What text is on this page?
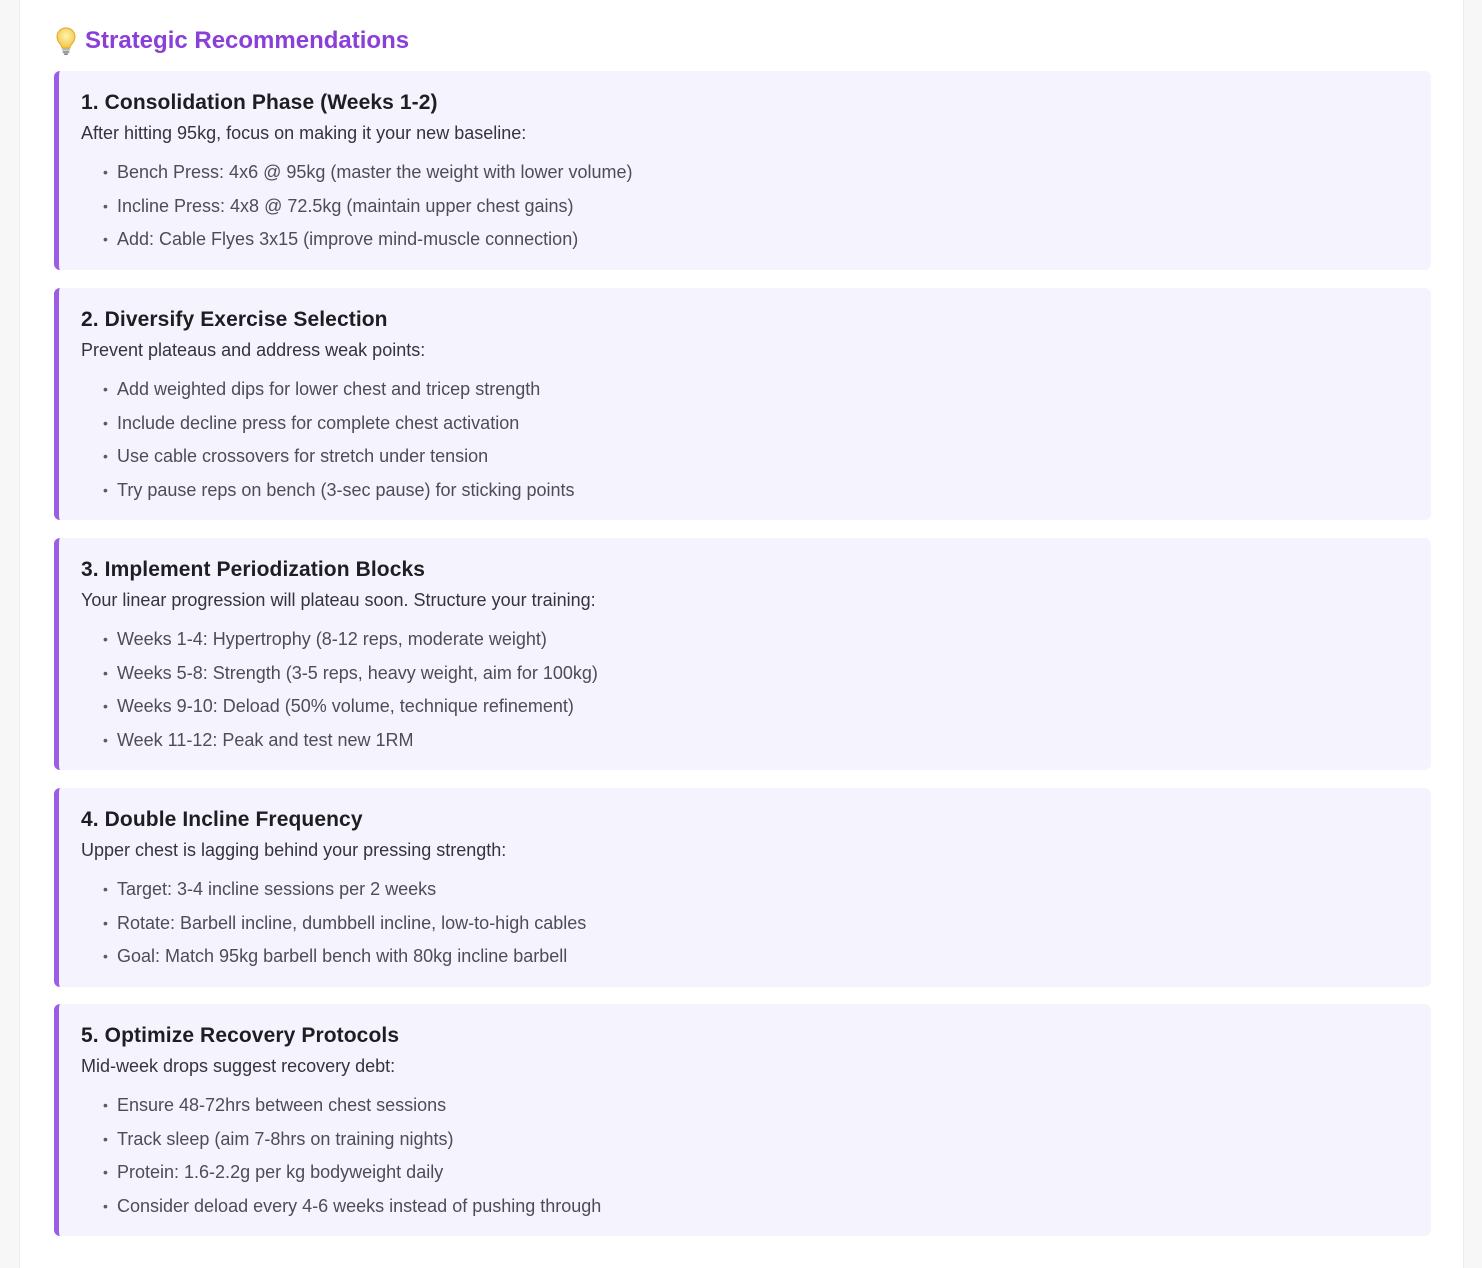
Strategic Recommendations
1. Consolidation Phase (Weeks 1-2)

After hitting 95kg, focus on making it your new baseline:

• Bench Press: 4x6 @ 95kg (master the weight with lower volume)
• Incline Press: 4x8 @ 72.5kg (maintain upper chest gains)
• Add: Cable Flyes 3x15 (improve mind-muscle connection)
2. Diversify Exercise Selection

Prevent plateaus and address weak points:

• Add weighted dips for lower chest and tricep strength
• Include decline press for complete chest activation
• Use cable crossovers for stretch under tension
• Try pause reps on bench (3-sec pause) for sticking points
3. Implement Periodization Blocks

Your linear progression will plateau soon. Structure your training:

• Weeks 1-4: Hypertrophy (8-12 reps, moderate weight)
• Weeks 5-8: Strength (3-5 reps, heavy weight, aim for 100kg)
• Weeks 9-10: Deload (50% volume, technique refinement)
• Week 11-12: Peak and test new 1RM
4. Double Incline Frequency

Upper chest is lagging behind your pressing strength:

• Target: 3-4 incline sessions per 2 weeks
• Rotate: Barbell incline, dumbbell incline, low-to-high cables
• Goal: Match 95kg barbell bench with 80kg incline barbell
5. Optimize Recovery Protocols

Mid-week drops suggest recovery debt:

• Ensure 48-72hrs between chest sessions
• Track sleep (aim 7-8hrs on training nights)
• Protein: 1.6-2.2g per kg bodyweight daily
• Consider deload every 4-6 weeks instead of pushing through
